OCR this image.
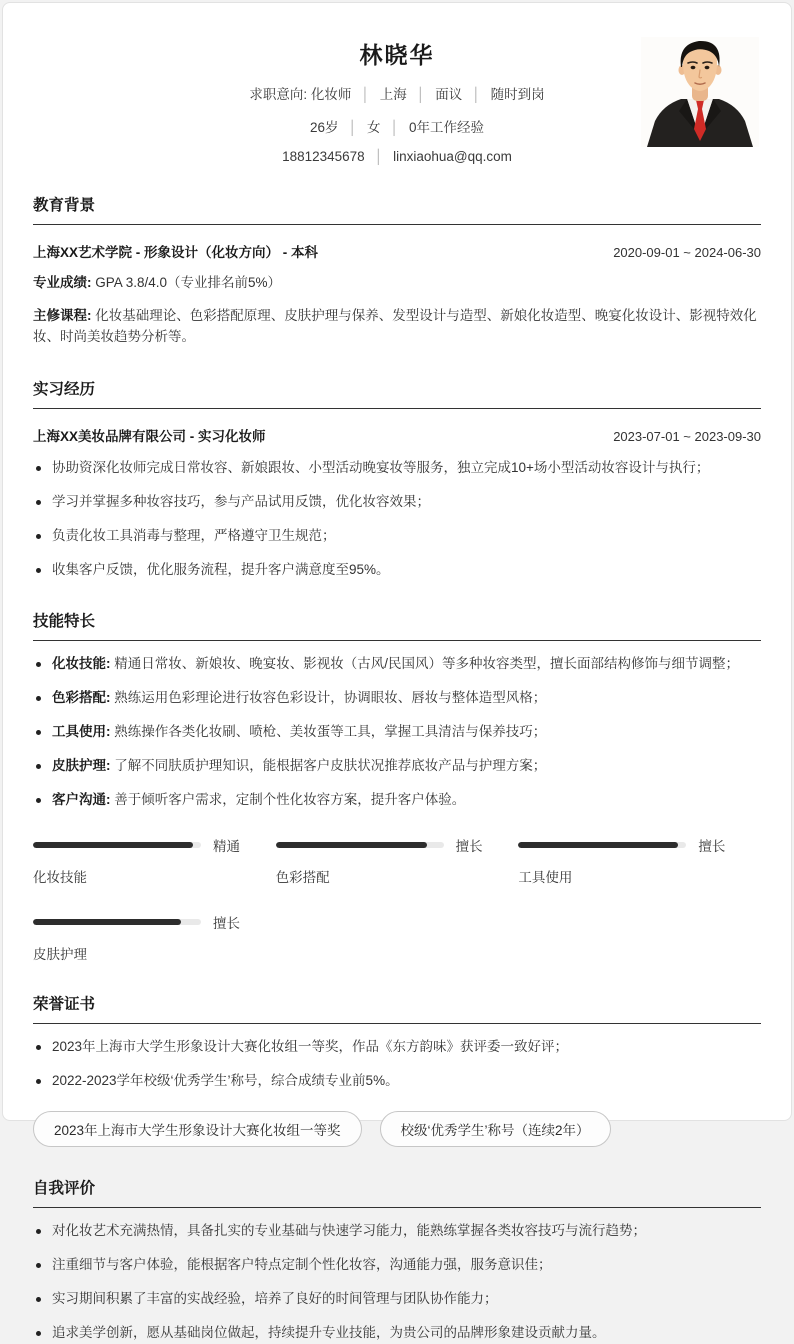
林晓华
求职意向: 化妆师 │ 上海 │ 面议 │ 随时到岗
26岁 │ 女 │ 0年工作经验
18812345678 │ linxiaohua@qq.com
教育背景
上海XX艺术学院 - 形象设计（化妆方向） - 本科	2020-09-01 ~ 2024-06-30
专业成绩: GPA 3.8/4.0（专业排名前5%）
主修课程: 化妆基础理论、色彩搭配原理、皮肤护理与保养、发型设计与造型、新娘化妆造型、晚宴化妆设计、影视特效化妆、时尚美妆趋势分析等。
实习经历
上海XX美妆品牌有限公司 - 实习化妆师	2023-07-01 ~ 2023-09-30
协助资深化妆师完成日常妆容、新娘跟妆、小型活动晚宴妆等服务，独立完成10+场小型活动妆容设计与执行；
学习并掌握多种妆容技巧，参与产品试用反馈，优化妆容效果；
负责化妆工具消毒与整理，严格遵守卫生规范；
收集客户反馈，优化服务流程，提升客户满意度至95%。
技能特长
化妆技能: 精通日常妆、新娘妆、晚宴妆、影视妆（古风/民国风）等多种妆容类型，擅长面部结构修饰与细节调整；
色彩搭配: 熟练运用色彩理论进行妆容色彩设计，协调眼妆、唇妆与整体造型风格；
工具使用: 熟练操作各类化妆刷、喷枪、美妆蛋等工具，掌握工具清洁与保养技巧；
皮肤护理: 了解不同肤质护理知识，能根据客户皮肤状况推荐底妆产品与护理方案；
客户沟通: 善于倾听客户需求，定制个性化妆容方案，提升客户体验。
精通
化妆技能
擅长
色彩搭配
擅长
工具使用
擅长
皮肤护理
荣誉证书
2023年上海市大学生形象设计大赛化妆组一等奖，作品《东方韵味》获评委一致好评；
2022-2023学年校级‘优秀学生’称号，综合成绩专业前5%。
2023年上海市大学生形象设计大赛化妆组一等奖	校级‘优秀学生’称号（连续2年）
自我评价
对化妆艺术充满热情，具备扎实的专业基础与快速学习能力，能熟练掌握各类妆容技巧与流行趋势；
注重细节与客户体验，能根据客户特点定制个性化妆容，沟通能力强，服务意识佳；
实习期间积累了丰富的实战经验，培养了良好的时间管理与团队协作能力；
追求美学创新，愿从基础岗位做起，持续提升专业技能，为贵公司的品牌形象建设贡献力量。
